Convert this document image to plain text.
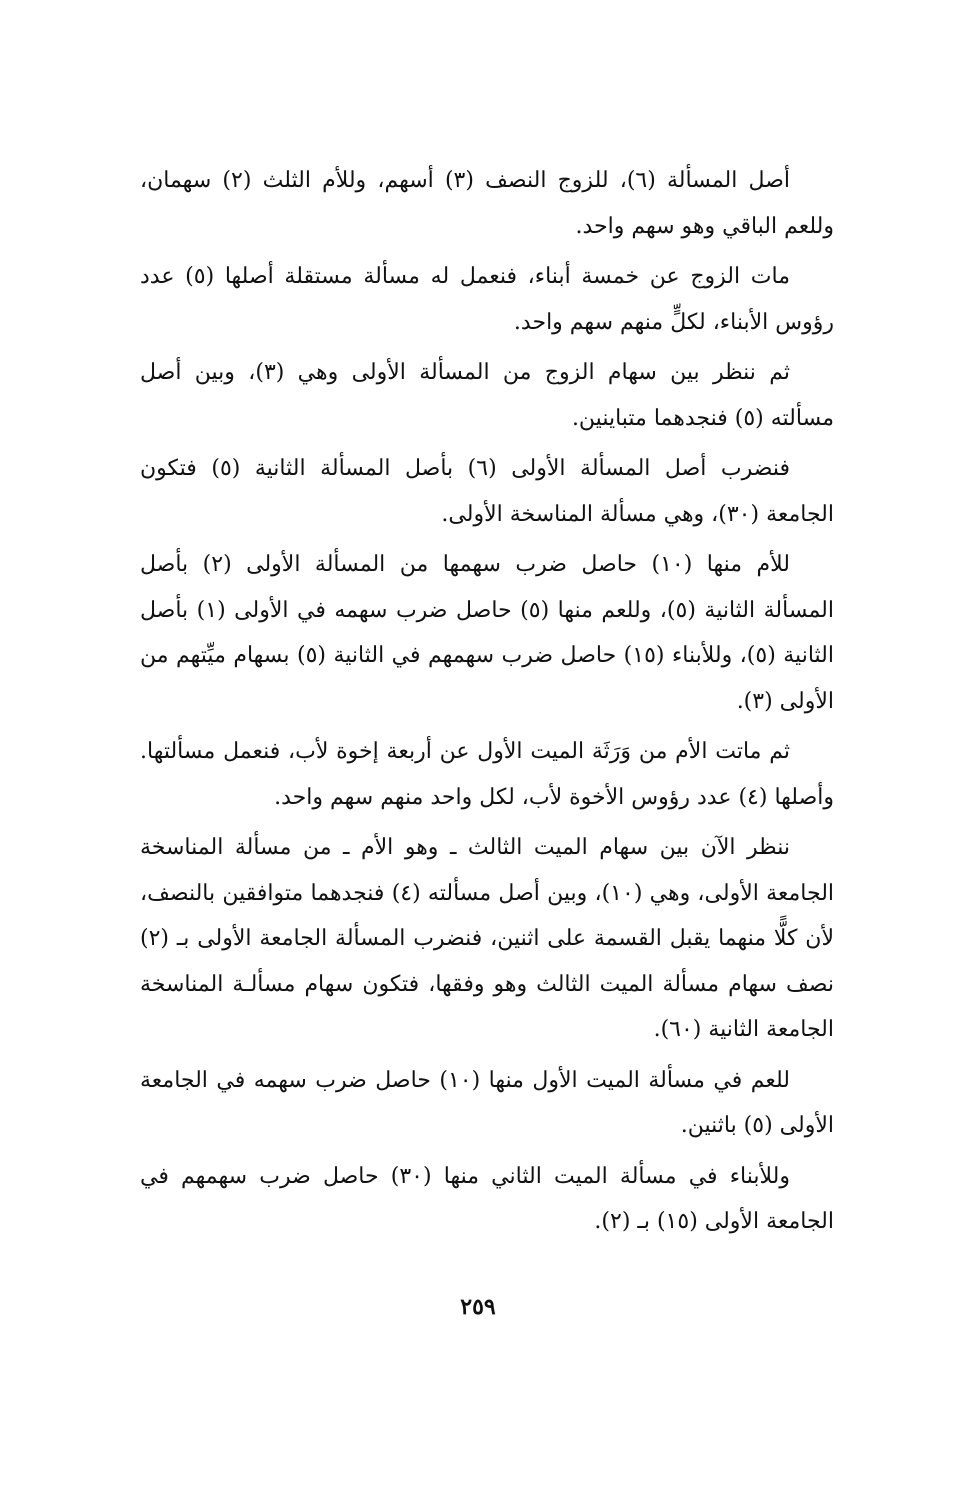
أصل المسألة (٦)، للزوج النصف (٣) أسهم، وللأم الثلث (٢) سهمان، وللعم الباقي وهو سهم واحد.

مات الزوج عن خمسة أبناء، فنعمل له مسألة مستقلة أصلها (٥) عدد رؤوس الأبناء، لكلٍّ منهم سهم واحد.

ثم ننظر بين سهام الزوج من المسألة الأولى وهي (٣)، وبين أصل مسألته (٥) فنجدهما متباينين.

فنضرب أصل المسألة الأولى (٦) بأصل المسألة الثانية (٥) فتكون الجامعة (٣٠)، وهي مسألة المناسخة الأولى.

للأم منها (١٠) حاصل ضرب سهمها من المسألة الأولى (٢) بأصل المسألة الثانية (٥)، وللعم منها (٥) حاصل ضرب سهمه في الأولى (١) بأصل الثانية (٥)، وللأبناء (١٥) حاصل ضرب سهمهم في الثانية (٥) بسهام ميِّتهم من الأولى (٣).

ثم ماتت الأم من وَرَثَة الميت الأول عن أربعة إخوة لأب، فنعمل مسألتها. وأصلها (٤) عدد رؤوس الأخوة لأب، لكل واحد منهم سهم واحد.

ننظر الآن بين سهام الميت الثالث ـ وهو الأم ـ من مسألة المناسخة الجامعة الأولى، وهي (١٠)، وبين أصل مسألته (٤) فنجدهما متوافقين بالنصف، لأن كلًّا منهما يقبل القسمة على اثنين، فنضرب المسألة الجامعة الأولى بـ (٢) نصف سهام مسألة الميت الثالث وهو وفقها، فتكون سهام مسألـة المناسخة الجامعة الثانية (٦٠).

للعم في مسألة الميت الأول منها (١٠) حاصل ضرب سهمه في الجامعة الأولى (٥) باثنين.

وللأبناء في مسألة الميت الثاني منها (٣٠) حاصل ضرب سهمهم في الجامعة الأولى (١٥) بـ (٢).

٢٥٩
